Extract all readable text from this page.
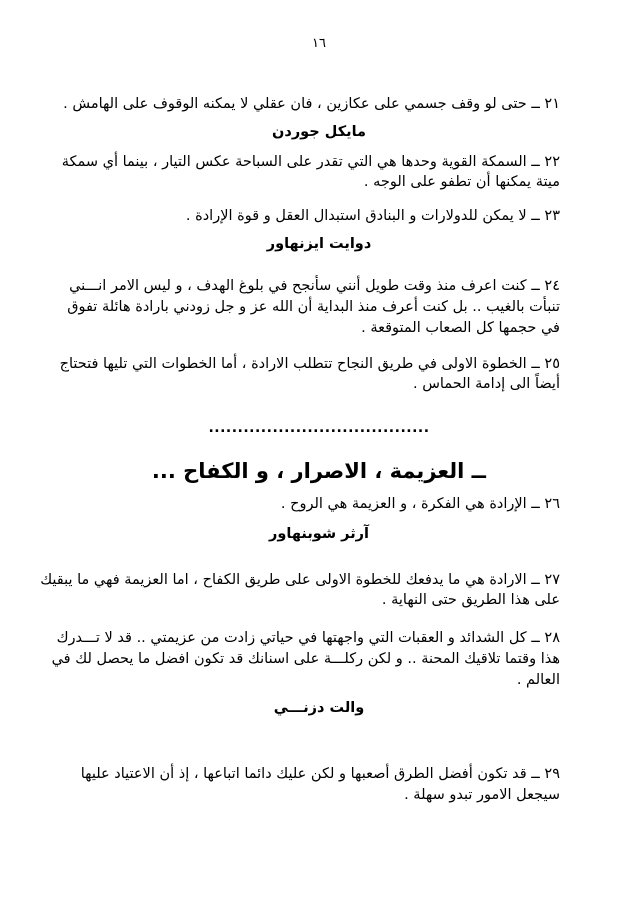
١٦
٢١ ــ حتى لو وقف جسمي على عكازين ، فان عقلي لا يمكنه الوقوف على الهامش .
مايكل جوردن
٢٢ ــ السمكة القوية وحدها هي التي تقدر على السباحة عكس التيار ، بينما أي سمكة
ميتة يمكنها أن تطفو على الوجه .
٢٣ ــ لا يمكن للدولارات و البنادق استبدال العقل و قوة الإرادة .
دوايت ايزنهاور
٢٤ ــ كنت اعرف منذ وقت طويل أنني سأنجح في بلوغ الهدف ، و ليس الامر انـــني
تنبأت بالغيب .. بل كنت أعرف منذ البداية أن الله عز و جل زودني بارادة هائلة تفوق
في حجمها كل الصعاب المتوقعة .
٢٥ ــ الخطوة الاولى في طريق النجاح تتطلب الارادة ، أما الخطوات التي تليها فتحتاج
أيضاً الى إدامة الحماس .
......................................
ــ العزيمة ، الاصرار ، و الكفاح ...
٢٦ ــ الإرادة هي الفكرة ، و العزيمة هي الروح .
آرثر شوبنهاور
٢٧ ــ الارادة هي ما يدفعك للخطوة الاولى على طريق الكفاح ، اما العزيمة فهي ما يبقيك
على هذا الطريق حتى النهاية .
٢٨ ــ كل الشدائد و العقبات التي واجهتها في حياتي زادت من عزيمتي .. قد لا تـــدرك
هذا وقتما تلاقيك المحنة .. و لكن ركلـــة على اسنانك قد تكون افضل ما يحصل لك في
العالم .
والت دزنـــي
٢٩ ــ قد تكون أفضل الطرق أصعبها و لكن عليك دائما اتباعها ، إذ أن الاعتياد عليها
سيجعل الامور تبدو سهلة .
